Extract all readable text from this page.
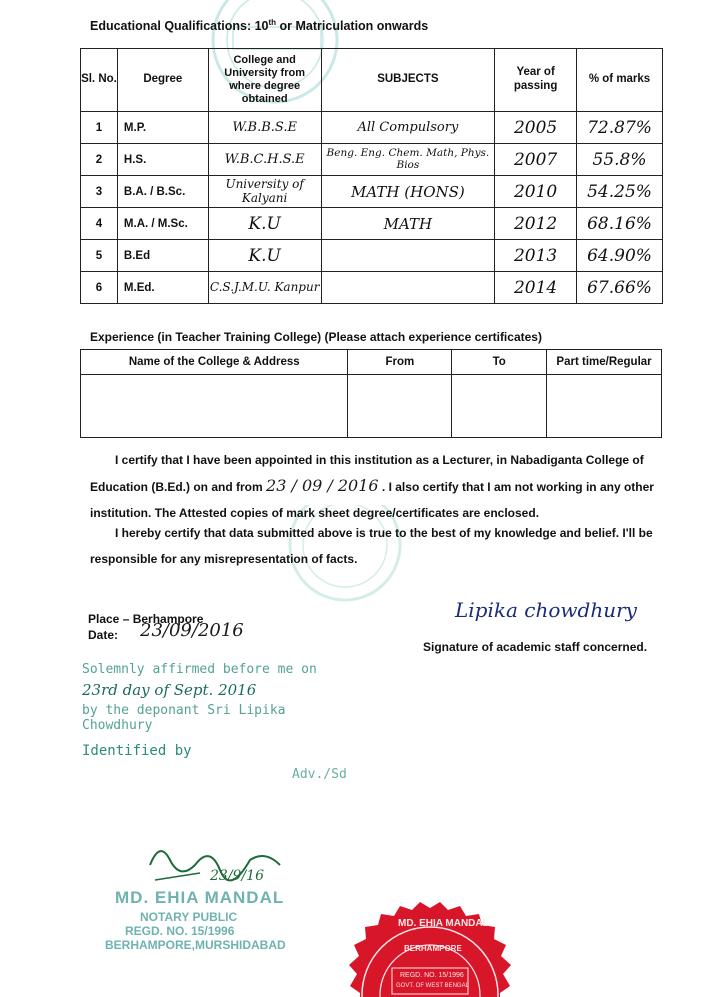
Educational Qualifications: 10th or Matriculation onwards
Sl. No.	Degree	College and University from where degree obtained	SUBJECTS	Year of passing	% of marks
1	M.P.	W.B.B.S.E	All Compulsory	2005	72.87%
2	H.S.	W.B.C.H.S.E	Beng. Eng. Chem. Math, Phys. Bios	2007	55.8%
3	B.A. / B.Sc.	University of Kalyani	MATH (HONS)	2010	54.25%
4	M.A. / M.Sc.	K.U	MATH	2012	68.16%
5	B.Ed	K.U		2013	64.90%
6	M.Ed.	C.S.J.M.U. Kanpur		2014	67.66%
Experience (in Teacher Training College) (Please attach experience certificates)
Name of the College & Address	From	To	Part time/Regular

I certify that I have been appointed in this institution as a Lecturer, in Nabadiganta College of Education (B.Ed.) on and from 23 / 09 / 2016 . I also certify that I am not working in any other institution. The Attested copies of mark sheet degree/certificates are enclosed.
I hereby certify that data submitted above is true to the best of my knowledge and belief. I'll be responsible for any misrepresentation of facts.
Place – Berhampore
Date: 23/09/2016
Lipika chowdhury
Signature of academic staff concerned.
Solemnly affirmed before me on
23rd day of Sept. 2016
by the deponant Sri Lipika Chowdhury
Identified by
Adv./Sd
23/9/16
MD. EHIA MANDAL
NOTARY PUBLIC
REGD. NO. 15/1996
BERHAMPORE,MURSHIDABAD
MD. EHIA MANDAL
BERHAMPORE
REGD. NO. 15/1996
GOVT. OF WEST BENGAL
